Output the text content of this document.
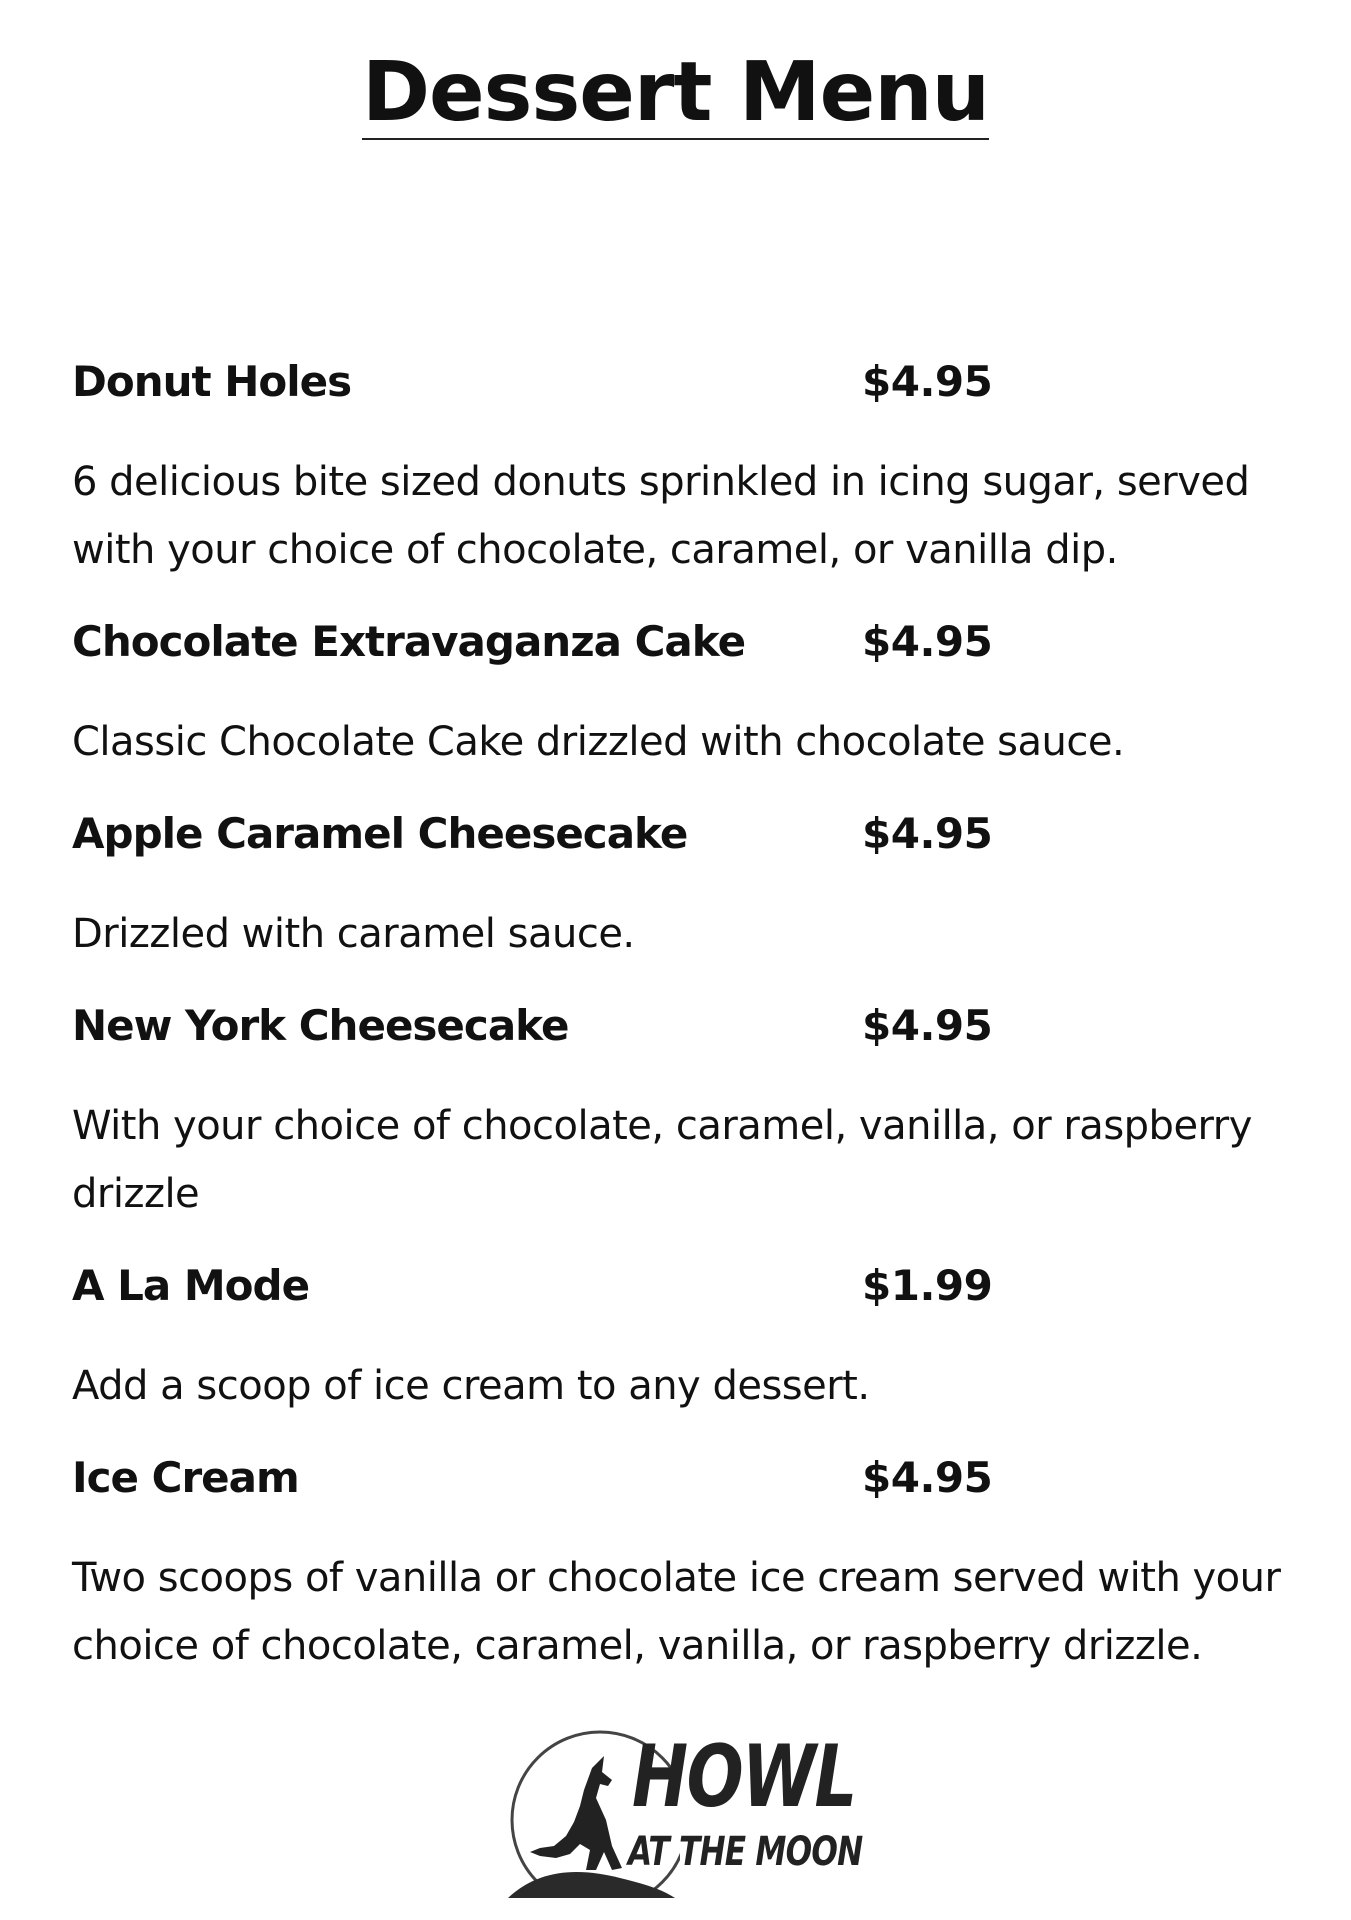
Dessert Menu
Donut Holes	$4.95
6 delicious bite sized donuts sprinkled in icing sugar, served with your choice of chocolate, caramel, or vanilla dip.
Chocolate Extravaganza Cake	$4.95
Classic Chocolate Cake drizzled with chocolate sauce.
Apple Caramel Cheesecake	$4.95
Drizzled with caramel sauce.
New York Cheesecake	$4.95
With your choice of chocolate, caramel, vanilla, or raspberry drizzle
A La Mode	$1.99
Add a scoop of ice cream to any dessert.
Ice Cream	$4.95
Two scoops of vanilla or chocolate ice cream served with your choice of chocolate, caramel, vanilla, or raspberry drizzle.
HOWL
AT THE MOON
